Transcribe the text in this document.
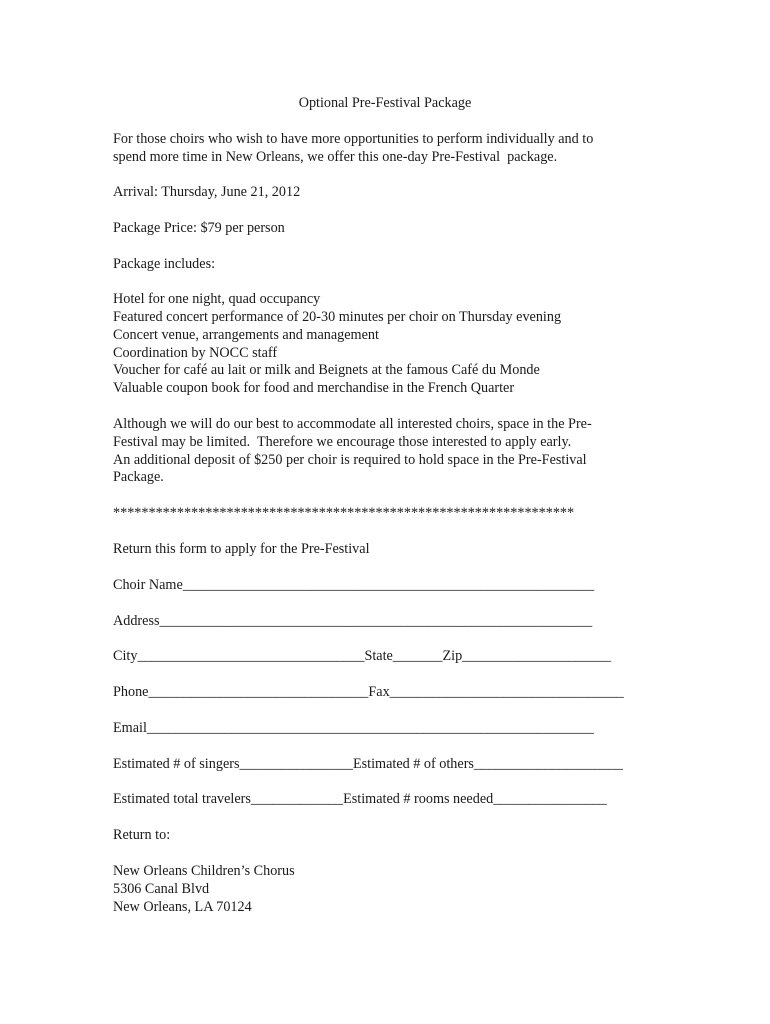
Optional Pre-Festival Package
For those choirs who wish to have more opportunities to perform individually and to
spend more time in New Orleans, we offer this one-day Pre-Festival  package.
Arrival: Thursday, June 21, 2012
Package Price: $79 per person
Package includes:
Hotel for one night, quad occupancy
Featured concert performance of 20-30 minutes per choir on Thursday evening
Concert venue, arrangements and management
Coordination by NOCC staff
Voucher for café au lait or milk and Beignets at the famous Café du Monde
Valuable coupon book for food and merchandise in the French Quarter
Although we will do our best to accommodate all interested choirs, space in the Pre-
Festival may be limited.  Therefore we encourage those interested to apply early.
An additional deposit of $250 per choir is required to hold space in the Pre-Festival
Package.
*****************************************************************
Return this form to apply for the Pre-Festival
Choir Name__________________________________________________________
Address_____________________________________________________________
City________________________________State_______Zip_____________________
Phone_______________________________Fax_________________________________
Email_______________________________________________________________
Estimated # of singers________________Estimated # of others_____________________
Estimated total travelers_____________Estimated # rooms needed________________
Return to:
New Orleans Children’s Chorus
5306 Canal Blvd
New Orleans, LA 70124
